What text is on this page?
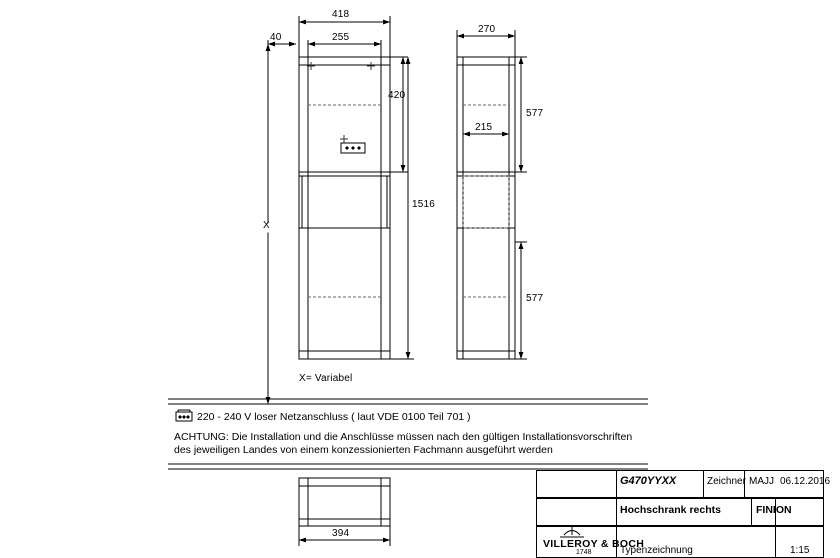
418
255
40
420
1516
X
X= Variabel
270
215
577
577
394
220 - 240 V loser Netzanschluss ( laut VDE 0100 Teil 701 )
ACHTUNG: Die Installation und die Anschlüsse müssen nach den gültigen Installationsvorschriften
des jeweiligen Landes von einem konzessionierten Fachmann ausgeführt werden
VILLEROY & BOCH
1748
G470YYXX	Zeichner MAJJ 06.12.2016
Hochschrank rechts	FINION
Typenzeichnung	1:15
